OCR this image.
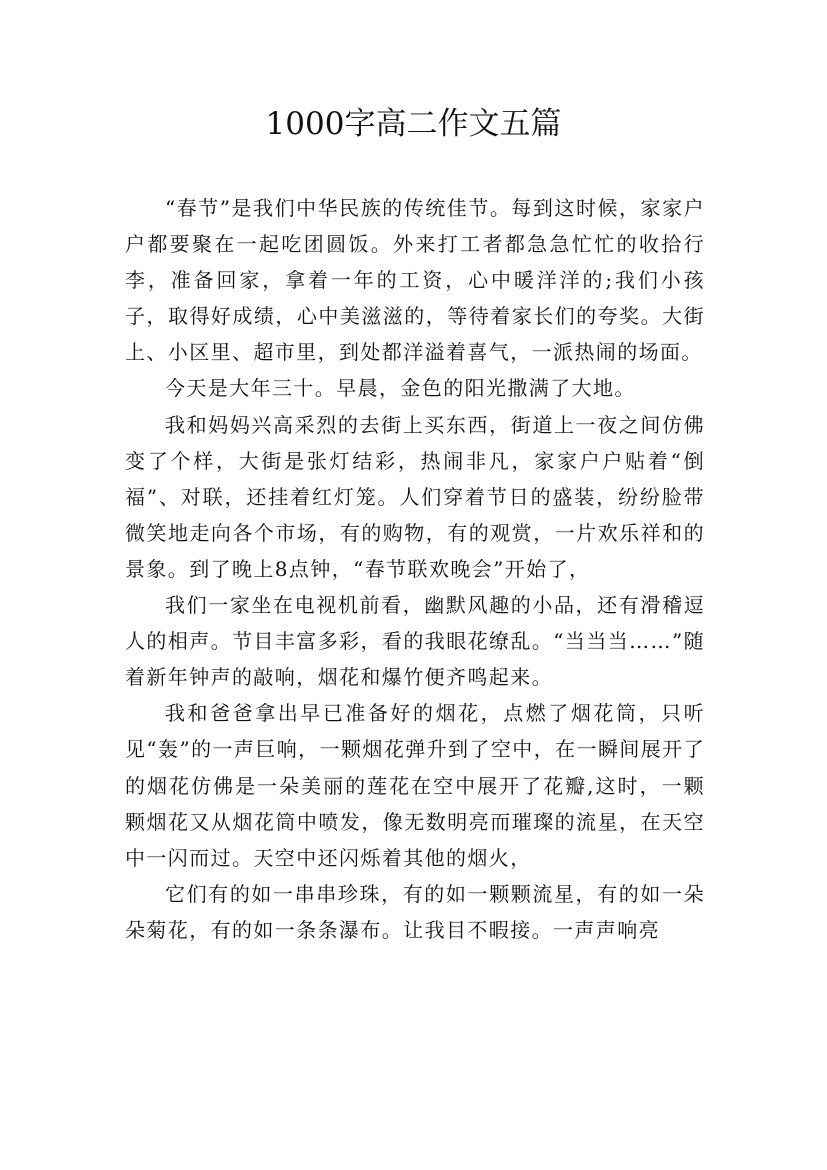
1000字高二作文五篇

“春节”是我们中华民族的传统佳节。每到这时候，家家户户都要聚在一起吃团圆饭。外来打工者都急急忙忙的收拾行李，准备回家，拿着一年的工资，心中暖洋洋的;我们小孩子，取得好成绩，心中美滋滋的，等待着家长们的夸奖。大街上、小区里、超市里，到处都洋溢着喜气，一派热闹的场面。

今天是大年三十。早晨，金色的阳光撒满了大地。

我和妈妈兴高采烈的去街上买东西，街道上一夜之间仿佛变了个样，大街是张灯结彩，热闹非凡，家家户户贴着“倒福”、对联，还挂着红灯笼。人们穿着节日的盛装，纷纷脸带微笑地走向各个市场，有的购物，有的观赏，一片欢乐祥和的景象。到了晚上8点钟，“春节联欢晚会”开始了，

我们一家坐在电视机前看，幽默风趣的小品，还有滑稽逗人的相声。节目丰富多彩，看的我眼花缭乱。“当当当……”随着新年钟声的敲响，烟花和爆竹便齐鸣起来。

我和爸爸拿出早已准备好的烟花，点燃了烟花筒，只听见“轰”的一声巨响，一颗烟花弹升到了空中，在一瞬间展开了的烟花仿佛是一朵美丽的莲花在空中展开了花瓣,这时，一颗颗烟花又从烟花筒中喷发，像无数明亮而璀璨的流星，在天空中一闪而过。天空中还闪烁着其他的烟火，

它们有的如一串串珍珠，有的如一颗颗流星，有的如一朵朵菊花，有的如一条条瀑布。让我目不暇接。一声声响亮
